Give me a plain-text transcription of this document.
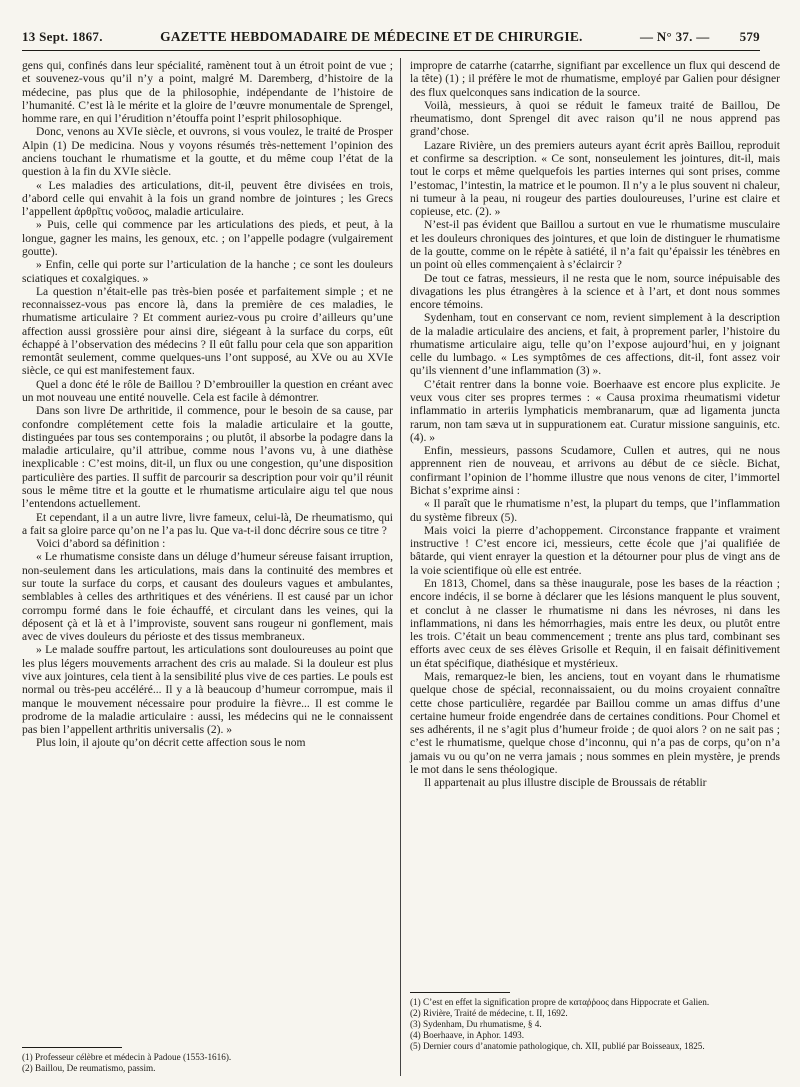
13 Sept. 1867.	GAZETTE HEBDOMADAIRE DE MÉDECINE ET DE CHIRURGIE.	— N° 37. — 579

gens qui, confinés dans leur spécialité, ramènent tout à un étroit point de vue ; et souvenez-vous qu’il n’y a point, malgré M. Daremberg, d’histoire de la médecine, pas plus que de la philosophie, indépendante de l’histoire de l’humanité. C’est là le mérite et la gloire de l’œuvre monumentale de Sprengel, homme rare, en qui l’érudition n’étouffa point l’esprit philosophique.

Donc, venons au XVIe siècle, et ouvrons, si vous voulez, le traité de Prosper Alpin (1) De medicina. Nous y voyons résumés très-nettement l’opinion des anciens touchant le rhumatisme et la goutte, et du même coup l’état de la question à la fin du XVIe siècle.

« Les maladies des articulations, dit-il, peuvent être divisées en trois, d’abord celle qui envahit à la fois un grand nombre de jointures ; les Grecs l’appellent ἀρθρῖτις νοῦσος, maladie articulaire.

» Puis, celle qui commence par les articulations des pieds, et peut, à la longue, gagner les mains, les genoux, etc. ; on l’appelle podagre (vulgairement goutte).

» Enfin, celle qui porte sur l’articulation de la hanche ; ce sont les douleurs sciatiques et coxalgiques. »

La question n’était-elle pas très-bien posée et parfaitement simple ; et ne reconnaissez-vous pas encore là, dans la première de ces maladies, le rhumatisme articulaire ? Et comment auriez-vous pu croire d’ailleurs qu’une affection aussi grossière pour ainsi dire, siégeant à la surface du corps, eût échappé à l’observation des médecins ? Il eût fallu pour cela que son apparition remontât seulement, comme quelques-uns l’ont supposé, au XVe ou au XVIe siècle, ce qui est manifestement faux.

Quel a donc été le rôle de Baillou ? D’embrouiller la question en créant avec un mot nouveau une entité nouvelle. Cela est facile à démontrer.

Dans son livre De arthritide, il commence, pour le besoin de sa cause, par confondre complétement cette fois la maladie articulaire et la goutte, distinguées par tous ses contemporains ; ou plutôt, il absorbe la podagre dans la maladie articulaire, qu’il attribue, comme nous l’avons vu, à une diathèse inexplicable : C’est moins, dit-il, un flux ou une congestion, qu’une disposition particulière des parties. Il suffit de parcourir sa description pour voir qu’il réunit sous le même titre et la goutte et le rhumatisme articulaire aigu tel que nous l’entendons actuellement.

Et cependant, il a un autre livre, livre fameux, celui-là, De rheumatismo, qui a fait sa gloire parce qu’on ne l’a pas lu. Que va-t-il donc décrire sous ce titre ?

Voici d’abord sa définition :

« Le rhumatisme consiste dans un déluge d’humeur séreuse faisant irruption, non-seulement dans les articulations, mais dans la continuité des membres et sur toute la surface du corps, et causant des douleurs vagues et ambulantes, semblables à celles des arthritiques et des vénériens. Il est causé par un ichor corrompu formé dans le foie échauffé, et circulant dans les veines, qui la déposent çà et là et à l’improviste, souvent sans rougeur ni gonflement, mais avec de vives douleurs du périoste et des tissus membraneux.

» Le malade souffre partout, les articulations sont douloureuses au point que les plus légers mouvements arrachent des cris au malade. Si la douleur est plus vive aux jointures, cela tient à la sensibilité plus vive de ces parties. Le pouls est normal ou très-peu accéléré... Il y a là beaucoup d’humeur corrompue, mais il manque le mouvement nécessaire pour produire la fièvre... Il est comme le prodrome de la maladie articulaire : aussi, les médecins qui ne le connaissent pas bien l’appellent arthritis universalis (2). »

Plus loin, il ajoute qu’on décrit cette affection sous le nom

impropre de catarrhe (catarrhe, signifiant par excellence un flux qui descend de la tête) (1) ; il préfère le mot de rhumatisme, employé par Galien pour désigner des flux quelconques sans indication de la source.

Voilà, messieurs, à quoi se réduit le fameux traité de Baillou, De rheumatismo, dont Sprengel dit avec raison qu’il ne nous apprend pas grand’chose.

Lazare Rivière, un des premiers auteurs ayant écrit après Baillou, reproduit et confirme sa description. « Ce sont, nonseulement les jointures, dit-il, mais tout le corps et même quelquefois les parties internes qui sont prises, comme l’estomac, l’intestin, la matrice et le poumon. Il n’y a le plus souvent ni chaleur, ni tumeur à la peau, ni rougeur des parties douloureuses, l’urine est claire et copieuse, etc. (2). »

N’est-il pas évident que Baillou a surtout en vue le rhumatisme musculaire et les douleurs chroniques des jointures, et que loin de distinguer le rhumatisme de la goutte, comme on le répète à satiété, il n’a fait qu’épaissir les ténèbres en un point où elles commençaient à s’éclaircir ?

De tout ce fatras, messieurs, il ne resta que le nom, source inépuisable des divagations les plus étrangères à la science et à l’art, et dont nous sommes encore témoins.

Sydenham, tout en conservant ce nom, revient simplement à la description de la maladie articulaire des anciens, et fait, à proprement parler, l’histoire du rhumatisme articulaire aigu, telle qu’on l’expose aujourd’hui, en y joignant celle du lumbago. « Les symptômes de ces affections, dit-il, font assez voir qu’ils viennent d’une inflammation (3) ».

C’était rentrer dans la bonne voie. Boerhaave est encore plus explicite. Je veux vous citer ses propres termes : « Causa proxima rheumatismi videtur inflammatio in arteriis lymphaticis membranarum, quæ ad ligamenta juncta rarum, non tam sæva ut in suppurationem eat. Curatur missione sanguinis, etc. (4). »

Enfin, messieurs, passons Scudamore, Cullen et autres, qui ne nous apprennent rien de nouveau, et arrivons au début de ce siècle. Bichat, confirmant l’opinion de l’homme illustre que nous venons de citer, l’immortel Bichat s’exprime ainsi :

« Il paraît que le rhumatisme n’est, la plupart du temps, que l’inflammation du système fibreux (5).

Mais voici la pierre d’achoppement. Circonstance frappante et vraiment instructive ! C’est encore ici, messieurs, cette école que j’ai qualifiée de bâtarde, qui vient enrayer la question et la détourner pour plus de vingt ans de la voie scientifique où elle est entrée.

En 1813, Chomel, dans sa thèse inaugurale, pose les bases de la réaction ; encore indécis, il se borne à déclarer que les lésions manquent le plus souvent, et conclut à ne classer le rhumatisme ni dans les névroses, ni dans les inflammations, ni dans les hémorrhagies, mais entre les deux, ou plutôt entre les trois. C’était un beau commencement ; trente ans plus tard, combinant ses efforts avec ceux de ses élèves Grisolle et Requin, il en faisait définitivement un état spécifique, diathésique et mystérieux.

Mais, remarquez-le bien, les anciens, tout en voyant dans le rhumatisme quelque chose de spécial, reconnaissaient, ou du moins croyaient connaître cette chose particulière, regardée par Baillou comme un amas diffus d’une certaine humeur froide engendrée dans de certaines conditions. Pour Chomel et ses adhérents, il ne s’agit plus d’humeur froide ; de quoi alors ? on ne sait pas ; c’est le rhumatisme, quelque chose d’inconnu, qui n’a pas de corps, qu’on n’a jamais vu ou qu’on ne verra jamais ; nous sommes en plein mystère, je prends le mot dans le sens théologique.

Il appartenait au plus illustre disciple de Broussais de rétablir

(1) Professeur célèbre et médecin à Padoue (1553-1616).
(2) Baillou, De reumatismo, passim.
(1) C’est en effet la signification propre de καταῤῥοος dans Hippocrate et Galien.
(2) Rivière, Traité de médecine, t. II, 1692.
(3) Sydenham, Du rhumatisme, § 4.
(4) Boerhaave, in Aphor. 1493.
(5) Dernier cours d’anatomie pathologique, ch. XII, publié par Boisseaux, 1825.
